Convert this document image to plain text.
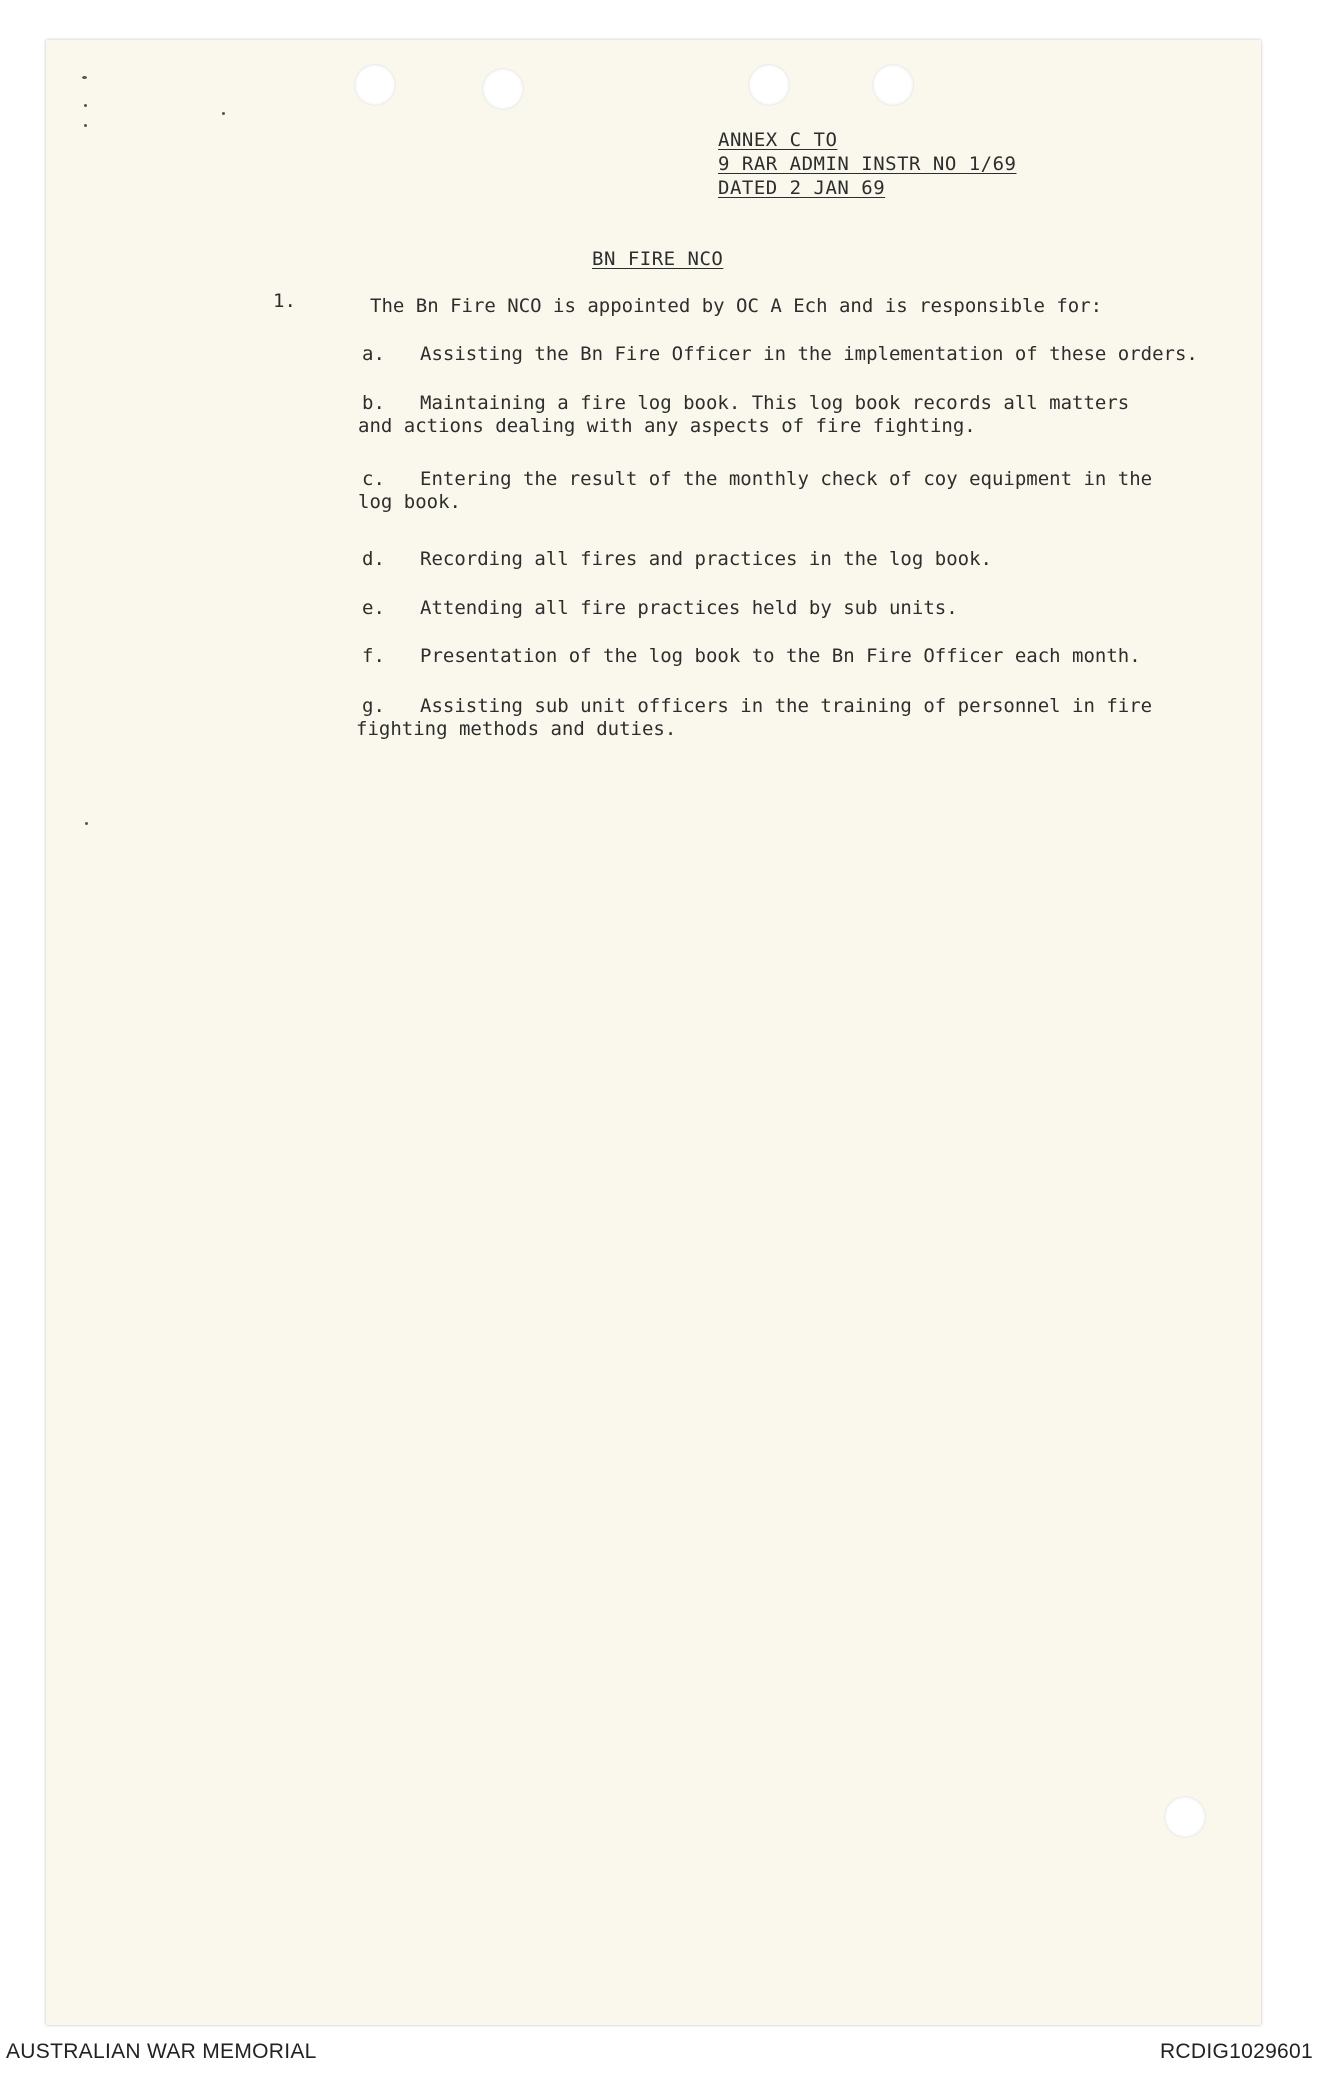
ANNEX C TO
9 RAR ADMIN INSTR NO 1/69
DATED 2 JAN 69
BN FIRE NCO
1.	The Bn Fire NCO is appointed by OC A Ech and is responsible for:
a. Assisting the Bn Fire Officer in the implementation of these orders.
b. Maintaining a fire log book. This log book records all matters
and actions dealing with any aspects of fire fighting.
c. Entering the result of the monthly check of coy equipment in the
log book.
d. Recording all fires and practices in the log book.
e. Attending all fire practices held by sub units.
f. Presentation of the log book to the Bn Fire Officer each month.
g. Assisting sub unit officers in the training of personnel in fire
fighting methods and duties.
AUSTRALIAN WAR MEMORIAL	RCDIG1029601
